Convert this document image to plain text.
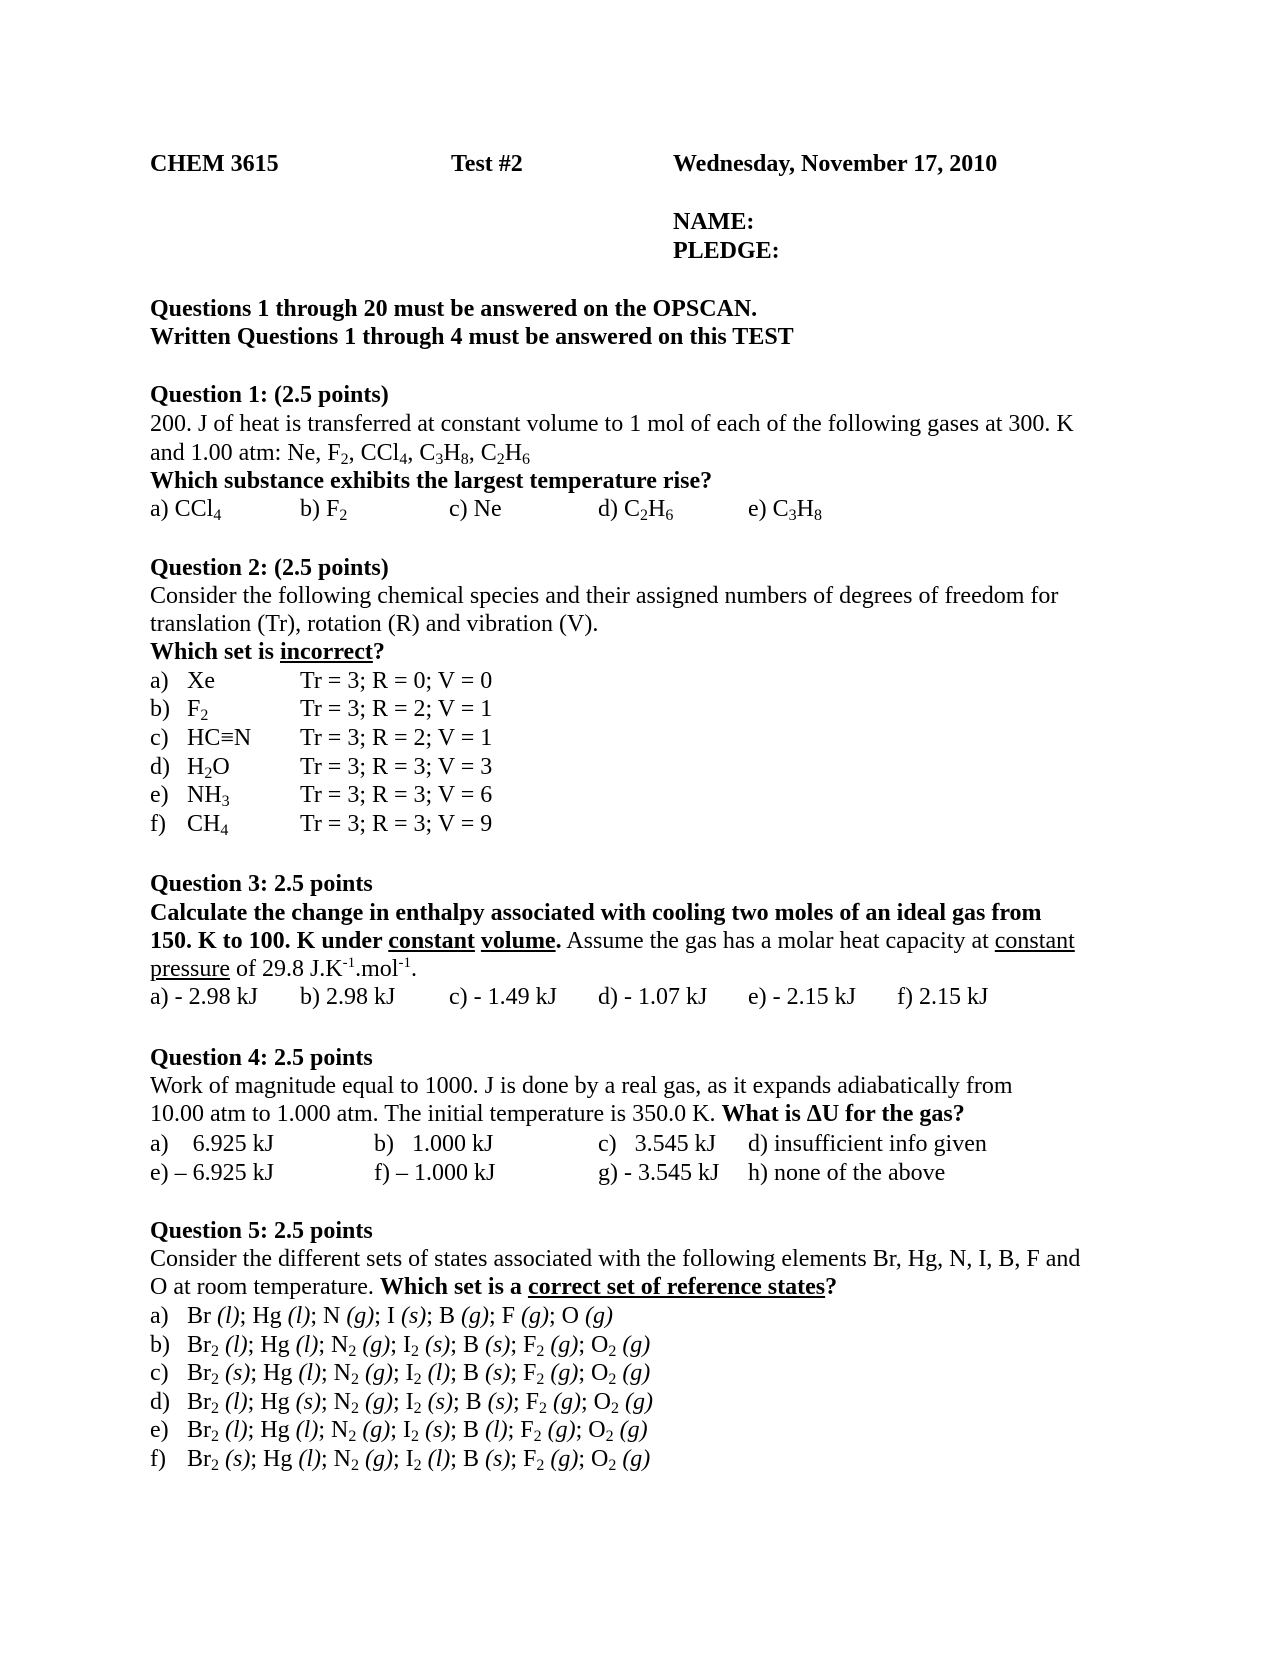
CHEM 3615	Test #2	Wednesday, November 17, 2010
NAME:
PLEDGE:
Questions 1 through 20 must be answered on the OPSCAN.
Written Questions 1 through 4 must be answered on this TEST
Question 1: (2.5 points)
200. J of heat is transferred at constant volume to 1 mol of each of the following gases at 300. K
and 1.00 atm: Ne, $F_2$, CCl$_4$, $C_3H_8$, $C_2H_6$
Which substance exhibits the largest temperature rise?
a) CCl$_4$	b) $F_2$	c) Ne	d) $C_2H_6$	e) $C_3H_8$
Question 2: (2.5 points)
Consider the following chemical species and their assigned numbers of degrees of freedom for
translation (Tr), rotation (R) and vibration (V).
Which set is incorrect?
a) Xe	Tr = 3; R = 0; V = 0
b) $F_2$	Tr = 3; R = 2; V = 1
c) HC≡N Tr = 3; R = 2; V = 1
d) $H_2O$	Tr = 3; R = 3; V = 3
e) $NH_3$	Tr = 3; R = 3; V = 6
f) $CH_4$	Tr = 3; R = 3; V = 9
Question 3: 2.5 points
Calculate the change in enthalpy associated with cooling two moles of an ideal gas from
150. K to 100. K under constant volume. Assume the gas has a molar heat capacity at constant
pressure of 29.8 $J.K^{-1}.mol^{-1}$.
a) - 2.98 kJ b) 2.98 kJ c) - 1.49 kJ d) - 1.07 kJ e) - 2.15 kJ f) 2.15 kJ
Question 4: 2.5 points
Work of magnitude equal to 1000. J is done by a real gas, as it expands adiabatically from
10.00 atm to 1.000 atm. The initial temperature is 350.0 K. What is ΔU for the gas?
a)    6.925 kJ	b)   1.000 kJ	c)   3.545 kJ d) insufficient info given
e) – 6.925 kJ	f) – 1.000 kJ	g) - 3.545 kJ h) none of the above
Question 5: 2.5 points
Consider the different sets of states associated with the following elements Br, Hg, N, I, B, F and
O at room temperature. Which set is a correct set of reference states?
a) Br (l); Hg (l); N (g); I (s); B (g); F (g); O (g)
b) $Br_2$ (l); Hg (l); $N_2$ (g); $I_2$ (s); B (s); $F_2$ (g); $O_2$ (g)
c) $Br_2$ (s); Hg (l); $N_2$ (g); $I_2$ (l); B (s); $F_2$ (g); $O_2$ (g)
d) $Br_2$ (l); Hg (s); $N_2$ (g); $I_2$ (s); B (s); $F_2$ (g); $O_2$ (g)
e) $Br_2$ (l); Hg (l); $N_2$ (g); $I_2$ (s); B (l); $F_2$ (g); $O_2$ (g)
f) $Br_2$ (s); Hg (l); $N_2$ (g); $I_2$ (l); B (s); $F_2$ (g); $O_2$ (g)
